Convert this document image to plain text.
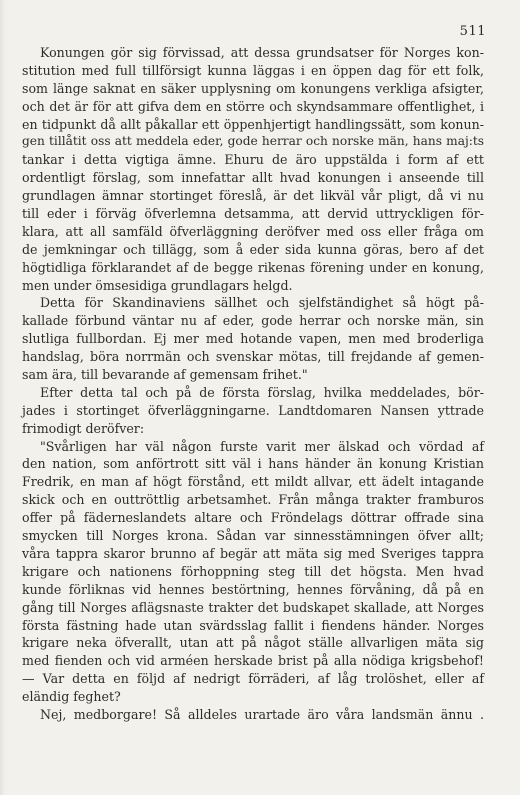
511
Konungen gör sig förvissad, att dessa grundsatser för Norges kon-
stitution med full tillförsigt kunna läggas i en öppen dag för ett folk,
som länge saknat en säker upplysning om konungens verkliga afsigter,
och det är för att gifva dem en större och skyndsammare offentlighet, i
en tidpunkt då allt påkallar ett öppenhjertigt handlingssätt, som konun-
gen tillåtit oss att meddela eder, gode herrar och norske män, hans maj:ts
tankar i detta vigtiga ämne. Ehuru de äro uppstälda i form af ett
ordentligt förslag, som innefattar allt hvad konungen i anseende till
grundlagen ämnar stortinget föreslå, är det likväl vår pligt, då vi nu
till eder i förväg öfverlemna detsamma, att dervid uttryckligen för-
klara, att all samfäld öfverläggning deröfver med oss eller fråga om
de jemkningar och tillägg, som å eder sida kunna göras, bero af det
högtidliga förklarandet af de begge rikenas förening under en konung,
men under ömsesidiga grundlagars helgd.
Detta för Skandinaviens sällhet och sjelfständighet så högt på-
kallade förbund väntar nu af eder, gode herrar och norske män, sin
slutliga fullbordan. Ej mer med hotande vapen, men med broderliga
handslag, böra norrmän och svenskar mötas, till frejdande af gemen-
sam ära, till bevarande af gemensam frihet."
Efter detta tal och på de första förslag, hvilka meddelades, bör-
jades i stortinget öfverläggningarne. Landtdomaren Nansen yttrade
frimodigt deröfver:
"Svårligen har väl någon furste varit mer älskad och vördad af
den nation, som anförtrott sitt väl i hans händer än konung Kristian
Fredrik, en man af högt förstånd, ett mildt allvar, ett ädelt intagande
skick och en outtröttlig arbetsamhet. Från många trakter framburos
offer på fäderneslandets altare och Fröndelags döttrar offrade sina
smycken till Norges krona. Sådan var sinnesstämningen öfver allt;
våra tappra skaror brunno af begär att mäta sig med Sveriges tappra
krigare och nationens förhoppning steg till det högsta. Men hvad
kunde förliknas vid hennes bestörtning, hennes förvåning, då på en
gång till Norges aflägsnaste trakter det budskapet skallade, att Norges
första fästning hade utan svärdsslag fallit i fiendens händer. Norges
krigare neka öfverallt, utan att på något ställe allvarligen mäta sig
med fienden och vid arméen herskade brist på alla nödiga krigsbehof!
— Var detta en följd af nedrigt förräderi, af låg trolöshet, eller af
eländig feghet?
Nej, medborgare! Så alldeles urartade äro våra landsmän ännu .
